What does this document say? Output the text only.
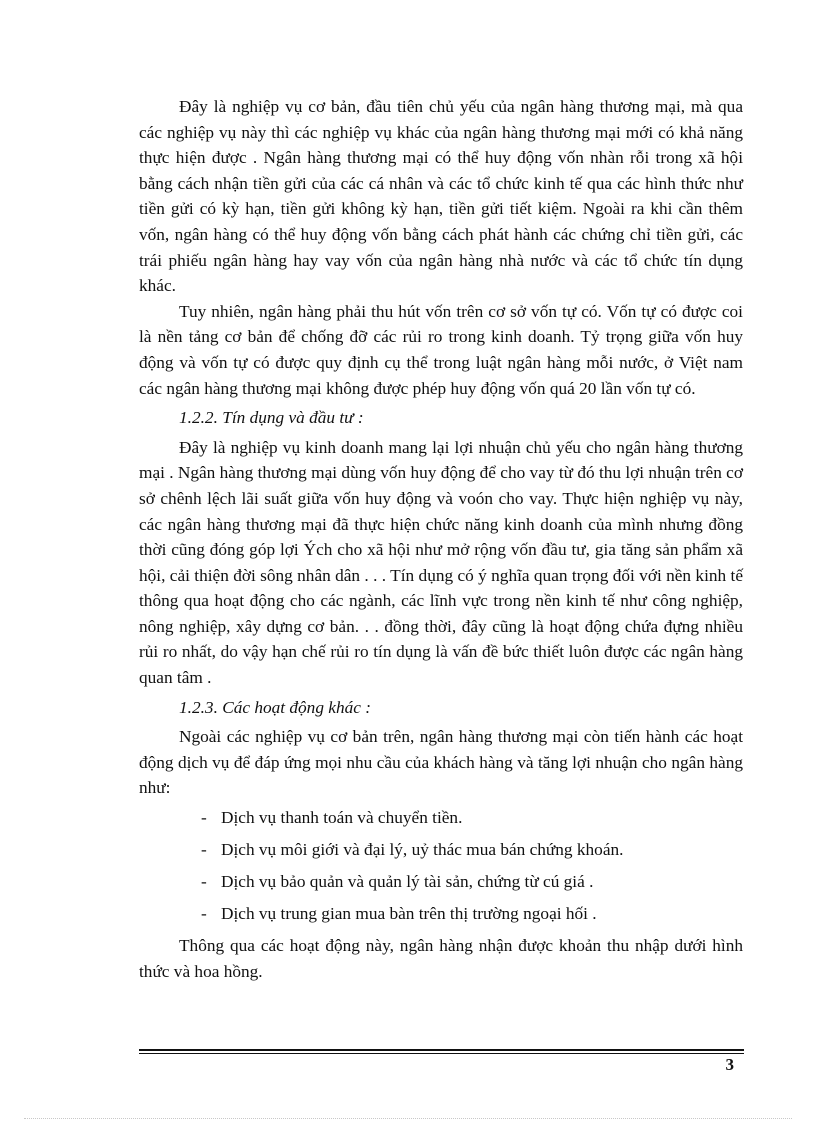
Đây là nghiệp vụ cơ bản, đầu tiên chủ yếu của ngân hàng thương mại, mà qua các nghiệp vụ này thì các nghiệp vụ khác của ngân hàng thương mại mới có khả năng thực hiện được . Ngân hàng thương mại có thể huy động vốn nhàn rỗi trong xã hội bằng cách nhận tiền gửi của các cá nhân và các tổ chức kinh tế qua các hình thức như tiền gửi có kỳ hạn, tiền gửi không kỳ hạn, tiền gửi tiết kiệm. Ngoài ra khi cần thêm vốn, ngân hàng có thể huy động vốn bằng cách phát hành các chứng chỉ tiền gửi, các trái phiếu ngân hàng hay vay vốn của ngân hàng nhà nước và các tổ chức tín dụng khác.

Tuy nhiên, ngân hàng phải thu hút vốn trên cơ sở vốn tự có. Vốn tự có được coi là nền tảng cơ bản để chống đỡ các rủi ro trong kinh doanh. Tỷ trọng giữa vốn huy động và vốn tự có được quy định cụ thể trong luật ngân hàng mỗi nước, ở Việt nam các ngân hàng thương mại không được phép huy động vốn quá 20 lần vốn tự có.

1.2.2. Tín dụng và đầu tư :

Đây là nghiệp vụ kinh doanh mang lại lợi nhuận chủ yếu cho ngân hàng thương mại . Ngân hàng thương mại dùng vốn huy động để cho vay từ đó thu lợi nhuận trên cơ sở chênh lệch lãi suất giữa vốn huy động và voón cho vay. Thực hiện nghiệp vụ này, các ngân hàng thương mại đã thực hiện chức năng kinh doanh của mình nhưng đồng thời cũng đóng góp lợi Ých cho xã hội như mở rộng vốn đầu tư, gia tăng sản phẩm xã hội, cải thiện đời sông nhân dân . . . Tín dụng có ý nghĩa quan trọng đối với nền kinh tế thông qua hoạt động cho các ngành, các lĩnh vực trong nền kinh tế như công nghiệp, nông nghiệp, xây dựng cơ bản. . . đồng thời, đây cũng là hoạt động chứa đựng nhiều rủi ro nhất, do vậy hạn chế rủi ro tín dụng là vấn đề bức thiết luôn được các ngân hàng quan tâm .

1.2.3. Các hoạt động khác :

Ngoài các nghiệp vụ cơ bản trên, ngân hàng thương mại còn tiến hành các hoạt động dịch vụ để đáp ứng mọi nhu cầu của khách hàng và tăng lợi nhuận cho ngân hàng như:

- Dịch vụ thanh toán và chuyển tiền.
- Dịch vụ môi giới và đại lý, uỷ thác mua bán chứng khoán.
- Dịch vụ bảo quản và quản lý tài sản, chứng từ cú giá .
- Dịch vụ trung gian mua bàn trên thị trường ngoại hối .

Thông qua các hoạt động này, ngân hàng nhận được khoản thu nhập dưới hình thức và hoa hồng.

3
